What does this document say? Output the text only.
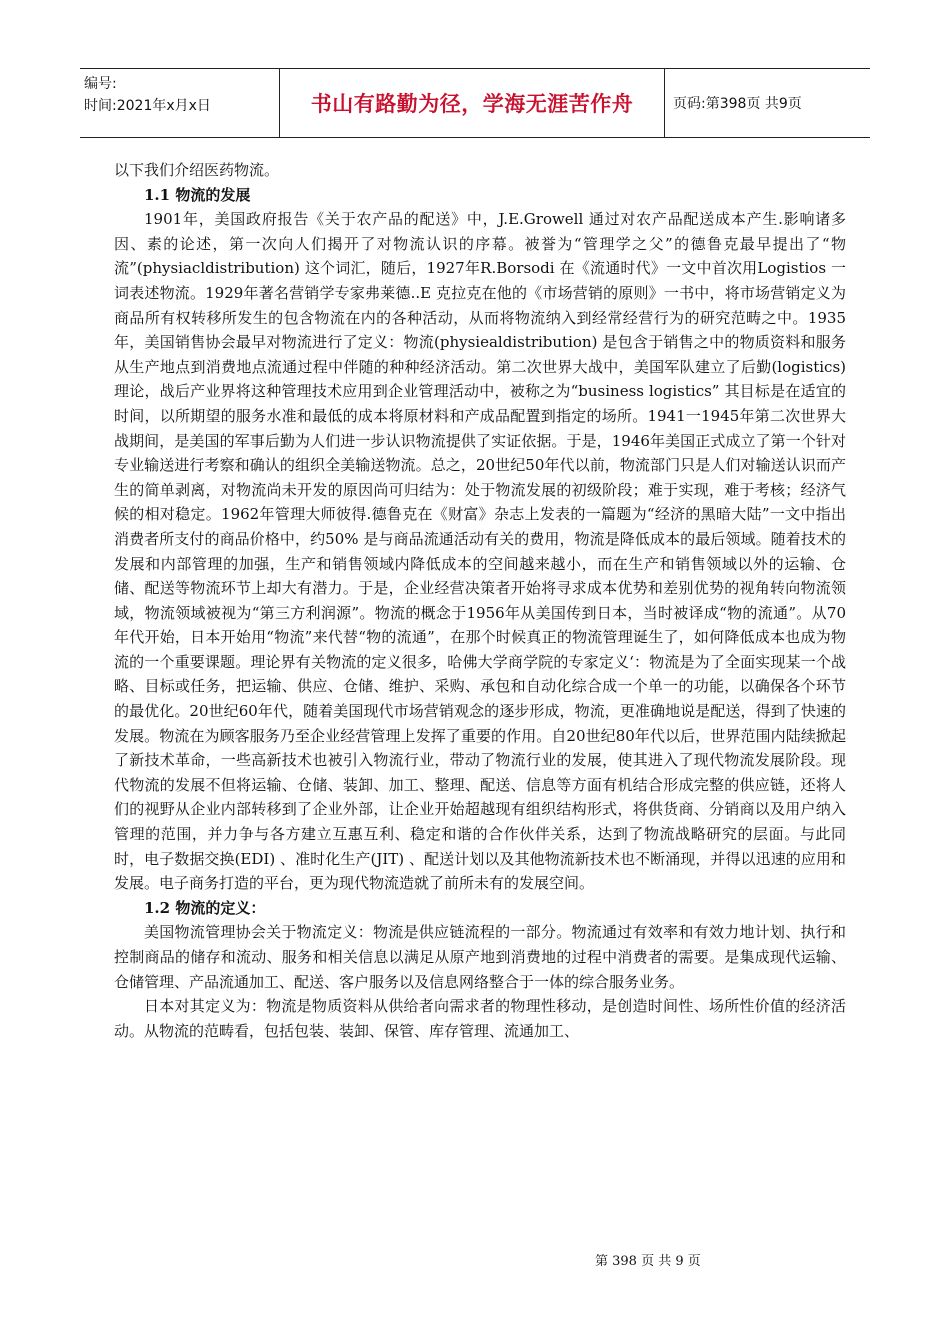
编号:
时间:2021年x月x日	书山有路勤为径，学海无涯苦作舟	页码:第398页 共9页

以下我们介绍医药物流。

1.1 物流的发展

1901年，美国政府报告《关于农产品的配送》中，J.E.Growell 通过对农产品配送成本产生.影响诸多因、素的论述，第一次向人们揭开了对物流认识的序幕。被誉为“管理学之父”的德鲁克最早提出了“物流”(physiacldistribution) 这个词汇，随后，1927年R.Borsodi 在《流通时代》一文中首次用Logistios 一词表述物流。1929年著名营销学专家弗莱德..E 克拉克在他的《市场营销的原则》一书中，将市场营销定义为商品所有权转移所发生的包含物流在内的各种活动，从而将物流纳入到经常经营行为的研究范畴之中。1935年，美国销售协会最早对物流进行了定义：物流(physiealdistribution) 是包含于销售之中的物质资料和服务从生产地点到消费地点流通过程中伴随的种种经济活动。第二次世界大战中，美国军队建立了后勤(logistics) 理论，战后产业界将这种管理技术应用到企业管理活动中，被称之为“business logistics” 其目标是在适宜的时间，以所期望的服务水准和最低的成本将原材料和产成品配置到指定的场所。1941一1945年第二次世界大战期间，是美国的军事后勤为人们进一步认识物流提供了实证依据。于是，1946年美国正式成立了第一个针对专业输送进行考察和确认的组织全美输送物流。总之，20世纪50年代以前，物流部门只是人们对输送认识而产生的简单剥离，对物流尚未开发的原因尚可归结为：处于物流发展的初级阶段；难于实现，难于考核；经济气候的相对稳定。1962年管理大师彼得.德鲁克在《财富》杂志上发表的一篇题为“经济的黑暗大陆”一文中指出消费者所支付的商品价格中，约50% 是与商品流通活动有关的费用，物流是降低成本的最后领域。随着技术的发展和内部管理的加强，生产和销售领域内降低成本的空间越来越小，而在生产和销售领域以外的运输、仓储、配送等物流环节上却大有潜力。于是，企业经营决策者开始将寻求成本优势和差别优势的视角转向物流领域，物流领域被视为“第三方利润源”。物流的概念于1956年从美国传到日本，当时被译成“物的流通”。从70年代开始，日本开始用“物流”来代替“物的流通”，在那个时候真正的物流管理诞生了，如何降低成本也成为物流的一个重要课题。理论界有关物流的定义很多，哈佛大学商学院的专家定义‘：物流是为了全面实现某一个战略、目标或任务，把运输、供应、仓储、维护、采购、承包和自动化综合成一个单一的功能，以确保各个环节的最优化。20世纪60年代，随着美国现代市场营销观念的逐步形成，物流，更准确地说是配送，得到了快速的发展。物流在为顾客服务乃至企业经营管理上发挥了重要的作用。自20世纪80年代以后，世界范围内陆续掀起了新技术革命，一些高新技术也被引入物流行业，带动了物流行业的发展，使其进入了现代物流发展阶段。现代物流的发展不但将运输、仓储、装卸、加工、整理、配送、信息等方面有机结合形成完整的供应链，还将人们的视野从企业内部转移到了企业外部，让企业开始超越现有组织结构形式，将供货商、分销商以及用户纳入管理的范围，并力争与各方建立互惠互利、稳定和谐的合作伙伴关系，达到了物流战略研究的层面。与此同时，电子数据交换(EDI) 、准时化生产(JIT) 、配送计划以及其他物流新技术也不断涌现，并得以迅速的应用和发展。电子商务打造的平台，更为现代物流造就了前所未有的发展空间。

1.2 物流的定义：

美国物流管理协会关于物流定义：物流是供应链流程的一部分。物流通过有效率和有效力地计划、执行和控制商品的储存和流动、服务和相关信息以满足从原产地到消费地的过程中消费者的需要。是集成现代运输、仓储管理、产品流通加工、配送、客户服务以及信息网络整合于一体的综合服务业务。

日本对其定义为：物流是物质资料从供给者向需求者的物理性移动，是创造时间性、场所性价值的经济活动。从物流的范畴看，包括包装、装卸、保管、库存管理、流通加工、

第 398 页 共 9 页
